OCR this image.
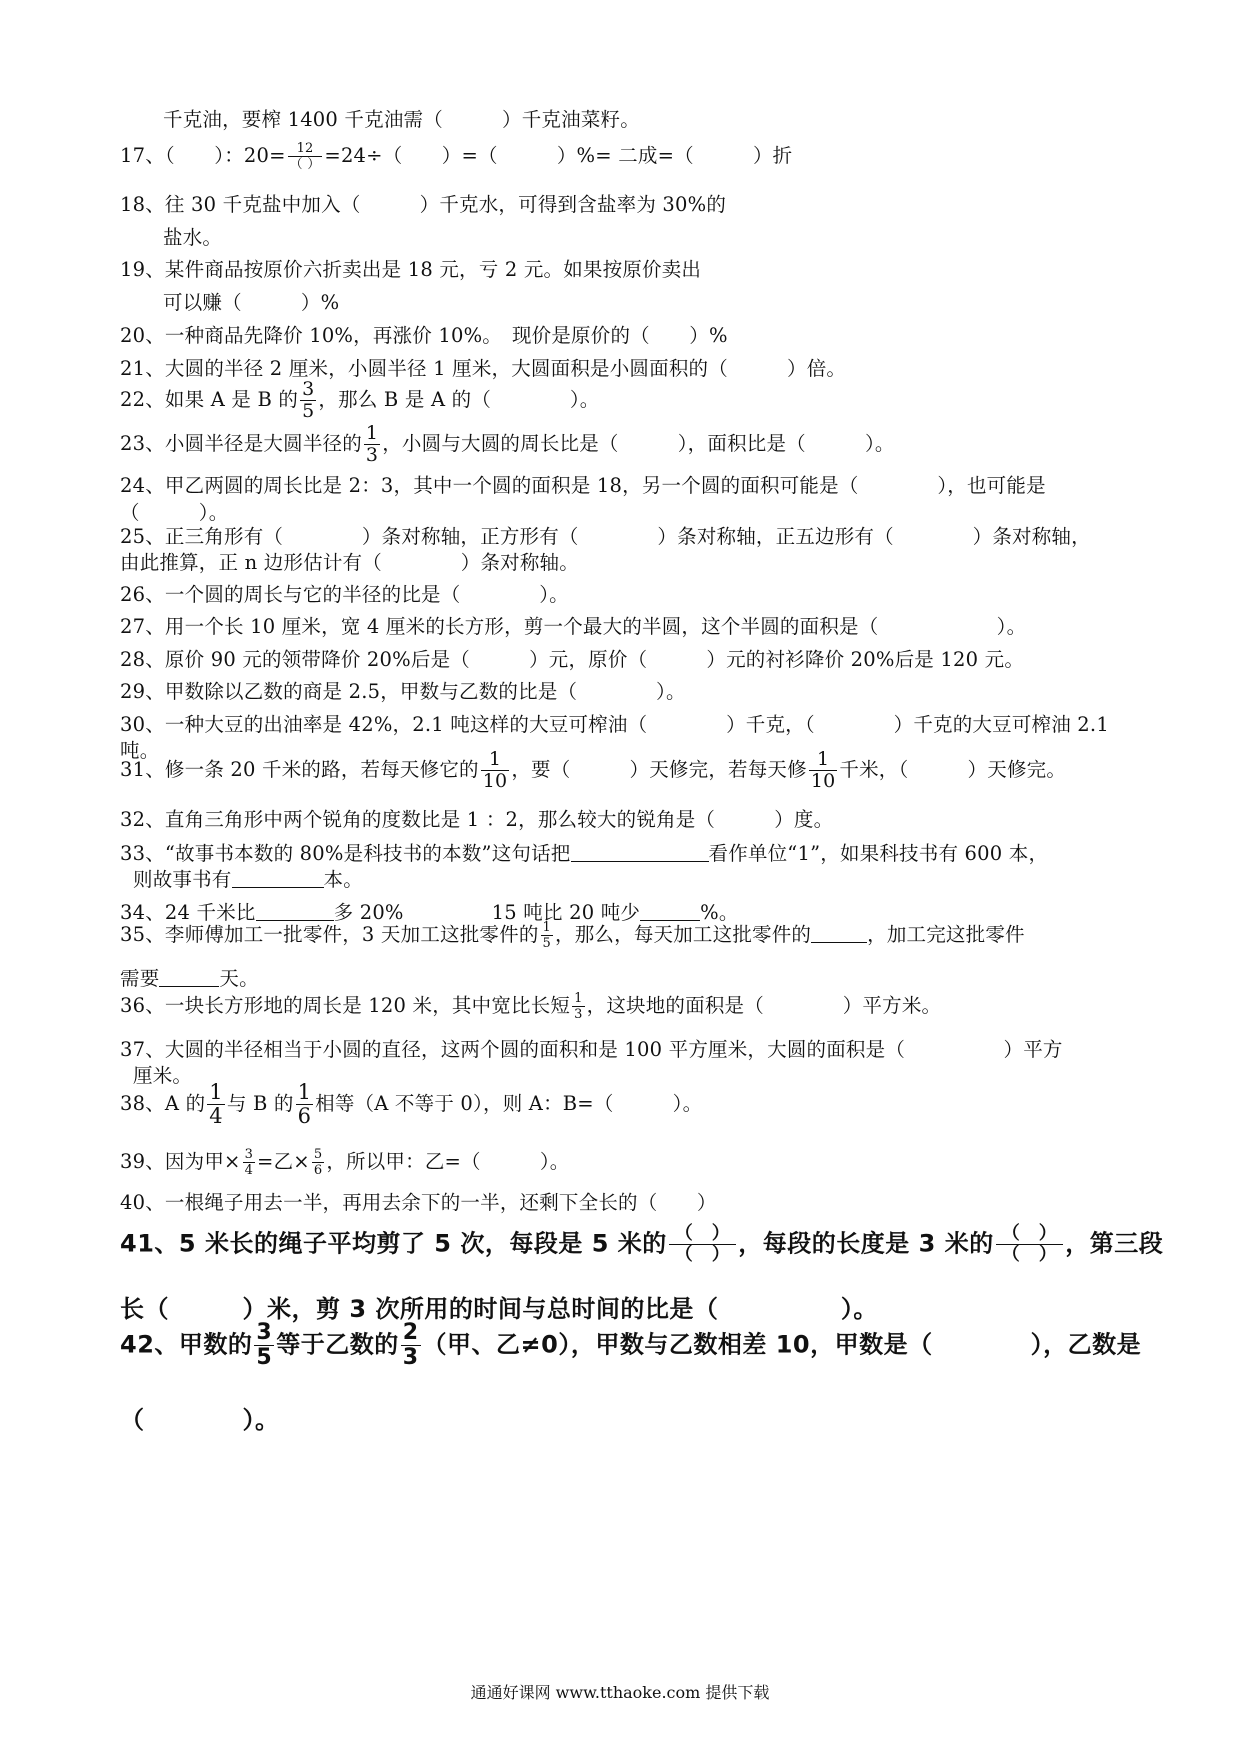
千克油，要榨 1400 千克油需（　　　）千克油菜籽。
17、（　　）：$20= \frac{12}{( )} =24\div$（　　）=（　　　）%= 二成=（　　　）折
18、往 30 千克盐中加入（　　　）千克水，可得到含盐率为 30%的
盐水。
19、某件商品按原价六折卖出是 18 元，亏 2 元。如果按原价卖出
可以赚（　　　）%
20、一种商品先降价 10%，再涨价 10%。　现价是原价的（　　）%
21、大圆的半径 2 厘米，小圆半径 1 厘米，大圆面积是小圆面积的（　　　）倍。
22、如果 A 是 B 的 $\frac{3}{5}$ ，那么 B 是 A 的（　　　　）。
23、小圆半径是大圆半径的 $\frac{1}{3}$ ，小圆与大圆的周长比是（　　　），面积比是（　　　）。
24、甲乙两圆的周长比是 2：3，其中一个圆的面积是 18，另一个圆的面积可能是（　　　　），也可能是
（　　　）。
25、正三角形有（　　　　）条对称轴，正方形有（　　　　）条对称轴，正五边形有（　　　　）条对称轴，
由此推算，正 n 边形估计有（　　　　）条对称轴。
26、一个圆的周长与它的半径的比是（　　　　）。
27、用一个长 10 厘米，宽 4 厘米的长方形，剪一个最大的半圆，这个半圆的面积是（　　　　　　）。
28、原价 90 元的领带降价 20%后是（　　　）元，原价（　　　）元的衬衫降价 20%后是 120 元。
29、甲数除以乙数的商是 2.5，甲数与乙数的比是（　　　　）。
30、一种大豆的出油率是 42%，2.1 吨这样的大豆可榨油（　　　　）千克，（　　　　）千克的大豆可榨油 2.1
吨。
31、修一条 20 千米的路，若每天修它的 $\frac{1}{10}$ ，要（　　　）天修完，若每天修 $\frac{1}{10}$ 千米，（　　　）天修完。
32、直角三角形中两个锐角的度数比是 1 ：2，那么较大的锐角是（　　　）度。
33、“故事书本数的 80%是科技书的本数”这句话把	看作单位“1”，如果科技书有 600 本，
则故事书有	本。
34、24 千米比	多 20%	15 吨比 20 吨少	%。
35、李师傅加工一批零件，3 天加工这批零件的 $\frac{1}{5}$ ，那么，每天加工这批零件的	，加工完这批零件
需要	天。
36、一块长方形地的周长是 120 米，其中宽比长短 $\frac{1}{3}$ ，这块地的面积是（　　　　）平方米。
37、大圆的半径相当于小圆的直径，这两个圆的面积和是 100 平方厘米，大圆的面积是（　　　　　）平方
厘米。
38、A 的 $\frac{1}{4}$ 与 B 的 $\frac{1}{6}$ 相等（A 不等于 0），则 A：B=（　　　）。
39、因为甲× $\frac{3}{4}$ =乙× $\frac{5}{6}$ ，所以甲：乙=（　　　）。
40、一根绳子用去一半，再用去余下的一半，还剩下全长的（　　）
41、5 米长的绳子平均剪了 5 次，每段是 5 米的 $\frac{( )}{( )}$ ，每段的长度是 3 米的 $\frac{( )}{( )}$ ，第三段
长（　　　）米，剪 3 次所用的时间与总时间的比是（　　　　　）。
42、甲数的 $\frac{3}{5}$ 等于乙数的 $\frac{2}{3}$ （甲、乙≠0），甲数与乙数相差 10，甲数是（　　　　），乙数是
（　　　　）。
通通好课网 www.tthaoke.com 提供下载
